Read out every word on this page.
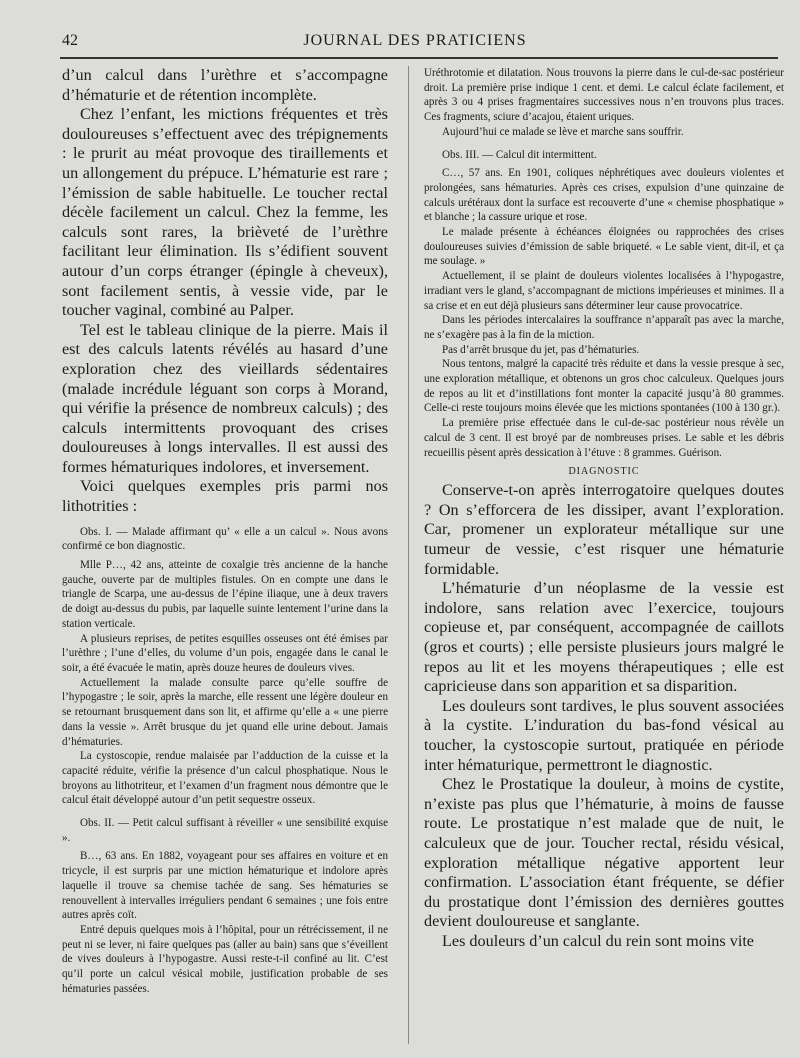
42	JOURNAL DES PRATICIENS

d’un calcul dans l’urèthre et s’accompagne d’hématurie et de rétention incomplète.

Chez l’enfant, les mictions fréquentes et très douloureuses s’effectuent avec des trépignements : le prurit au méat provoque des tiraillements et un allongement du prépuce. L’hématurie est rare ; l’émission de sable habituelle. Le toucher rectal décèle facilement un calcul. Chez la femme, les calculs sont rares, la brièveté de l’urèthre facilitant leur élimination. Ils s’édifient souvent autour d’un corps étranger (épingle à cheveux), sont facilement sentis, à vessie vide, par le toucher vaginal, combiné au Palper.

Tel est le tableau clinique de la pierre. Mais il est des calculs latents révélés au hasard d’une exploration chez des vieillards sédentaires (malade incrédule léguant son corps à Morand, qui vérifie la présence de nombreux calculs) ; des calculs intermittents provoquant des crises douloureuses à longs intervalles. Il est aussi des formes hématuriques indolores, et inversement.

Voici quelques exemples pris parmi nos lithotrities :

Obs. I. — Malade affirmant qu’ « elle a un calcul ». Nous avons confirmé ce bon diagnostic.

Mlle P…, 42 ans, atteinte de coxalgie très ancienne de la hanche gauche, ouverte par de multiples fistules. On en compte une dans le triangle de Scarpa, une au-dessus de l’épine iliaque, une à deux travers de doigt au-dessus du pubis, par laquelle suinte lentement l’urine dans la station verticale.

A plusieurs reprises, de petites esquilles osseuses ont été émises par l’urèthre ; l’une d’elles, du volume d’un pois, engagée dans le canal le soir, a été évacuée le matin, après douze heures de douleurs vives.

Actuellement la malade consulte parce qu’elle souffre de l’hypogastre ; le soir, après la marche, elle ressent une légère douleur en se retournant brusquement dans son lit, et affirme qu’elle a « une pierre dans la vessie ». Arrêt brusque du jet quand elle urine debout. Jamais d’hématuries.

La cystoscopie, rendue malaisée par l’adduction de la cuisse et la capacité réduite, vérifie la présence d’un calcul phosphatique. Nous le broyons au lithotriteur, et l’examen d’un fragment nous démontre que le calcul était développé autour d’un petit sequestre osseux.

Obs. II. — Petit calcul suffisant à réveiller « une sensibilité exquise ».

B…, 63 ans. En 1882, voyageant pour ses affaires en voiture et en tricycle, il est surpris par une miction hématurique et indolore après laquelle il trouve sa chemise tachée de sang. Ses hématuries se renouvellent à intervalles irréguliers pendant 6 semaines ; une fois entre autres après coït.

Entré depuis quelques mois à l’hôpital, pour un rétrécissement, il ne peut ni se lever, ni faire quelques pas (aller au bain) sans que s’éveillent de vives douleurs à l’hypogastre. Aussi reste-t-il confiné au lit. C’est qu’il porte un calcul vésical mobile, justification probable de ses hématuries passées.

Uréthrotomie et dilatation. Nous trouvons la pierre dans le cul-de-sac postérieur droit. La première prise indique 1 cent. et demi. Le calcul éclate facilement, et après 3 ou 4 prises fragmentaires successives nous n’en trouvons plus traces. Ces fragments, sciure d’acajou, étaient uriques.

Aujourd’hui ce malade se lève et marche sans souffrir.

Obs. III. — Calcul dit intermittent.

C…, 57 ans. En 1901, coliques néphrétiques avec douleurs violentes et prolongées, sans hématuries. Après ces crises, expulsion d’une quinzaine de calculs urétéraux dont la surface est recouverte d’une « chemise phosphatique » et blanche ; la cassure urique et rose.

Le malade présente à échéances éloignées ou rapprochées des crises douloureuses suivies d’émission de sable briqueté. « Le sable vient, dit-il, et ça me soulage. »

Actuellement, il se plaint de douleurs violentes localisées à l’hypogastre, irradiant vers le gland, s’accompagnant de mictions impérieuses et minimes. Il a sa crise et en eut déjà plusieurs sans déterminer leur cause provocatrice.

Dans les périodes intercalaires la souffrance n’apparaît pas avec la marche, ne s’exagère pas à la fin de la miction.

Pas d’arrêt brusque du jet, pas d’hématuries.

Nous tentons, malgré la capacité très réduite et dans la vessie presque à sec, une exploration métallique, et obtenons un gros choc calculeux. Quelques jours de repos au lit et d’instillations font monter la capacité jusqu’à 80 grammes. Celle-ci reste toujours moins élevée que les mictions spontanées (100 à 130 gr.).

La première prise effectuée dans le cul-de-sac postérieur nous révèle un calcul de 3 cent. Il est broyé par de nombreuses prises. Le sable et les débris recueillis pèsent après dessication à l’étuve : 8 grammes. Guérison.

DIAGNOSTIC

Conserve-t-on après interrogatoire quelques doutes ? On s’efforcera de les dissiper, avant l’exploration. Car, promener un explorateur métallique sur une tumeur de vessie, c’est risquer une hématurie formidable.

L’hématurie d’un néoplasme de la vessie est indolore, sans relation avec l’exercice, toujours copieuse et, par conséquent, accompagnée de caillots (gros et courts) ; elle persiste plusieurs jours malgré le repos au lit et les moyens thérapeutiques ; elle est capricieuse dans son apparition et sa disparition.

Les douleurs sont tardives, le plus souvent associées à la cystite. L’induration du bas-fond vésical au toucher, la cystoscopie surtout, pratiquée en période inter hématurique, permettront le diagnostic.

Chez le Prostatique la douleur, à moins de cystite, n’existe pas plus que l’hématurie, à moins de fausse route. Le prostatique n’est malade que de nuit, le calculeux que de jour. Toucher rectal, résidu vésical, exploration métallique négative apportent leur confirmation. L’association étant fréquente, se défier du prostatique dont l’émission des dernières gouttes devient douloureuse et sanglante.

Les douleurs d’un calcul du rein sont moins vite
